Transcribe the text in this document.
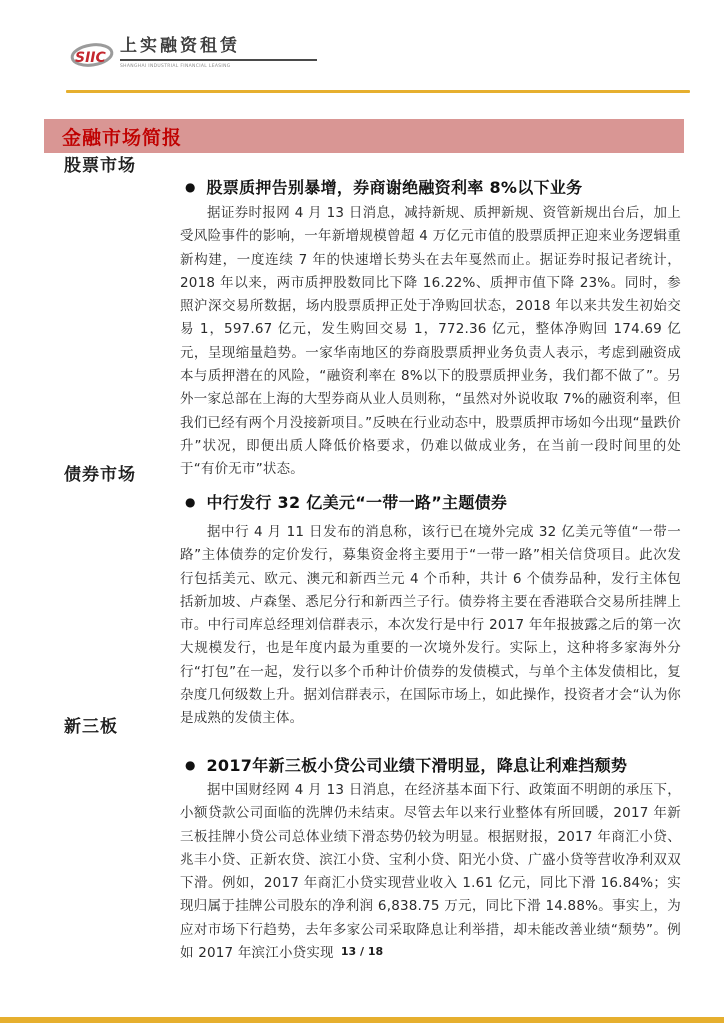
SIIC
上实融资租赁
SHANGHAI INDUSTRIAL FINANCIAL LEASING
金融市场简报
股票市场
● 股票质押告别暴增，券商谢绝融资利率 8%以下业务
据证券时报网 4 月 13 日消息，减持新规、质押新规、资管新规出台后，加上受风险事件的影响，一年新增规模曾超 4 万亿元市值的股票质押正迎来业务逻辑重新构建，一度连续 7 年的快速增长势头在去年戛然而止。据证券时报记者统计，2018 年以来，两市质押股数同比下降 16.22%、质押市值下降 23%。同时，参照沪深交易所数据，场内股票质押正处于净购回状态，2018 年以来共发生初始交易 1，597.67 亿元，发生购回交易 1，772.36 亿元，整体净购回 174.69 亿元，呈现缩量趋势。一家华南地区的券商股票质押业务负责人表示，考虑到融资成本与质押潜在的风险，“融资利率在 8%以下的股票质押业务，我们都不做了”。另外一家总部在上海的大型券商从业人员则称，“虽然对外说收取 7%的融资利率，但我们已经有两个月没接新项目。”反映在行业动态中，股票质押市场如今出现“量跌价升”状况，即便出质人降低价格要求，仍难以做成业务，在当前一段时间里的处于“有价无市”状态。
债券市场
● 中行发行 32 亿美元“一带一路”主题债券
据中行 4 月 11 日发布的消息称，该行已在境外完成 32 亿美元等值“一带一路”主体债券的定价发行，募集资金将主要用于“一带一路”相关信贷项目。此次发行包括美元、欧元、澳元和新西兰元 4 个币种，共计 6 个债券品种，发行主体包括新加坡、卢森堡、悉尼分行和新西兰子行。债券将主要在香港联合交易所挂牌上市。中行司库总经理刘信群表示，本次发行是中行 2017 年年报披露之后的第一次大规模发行，也是年度内最为重要的一次境外发行。实际上，这种将多家海外分行“打包”在一起，发行以多个币种计价债券的发债模式，与单个主体发债相比，复杂度几何级数上升。据刘信群表示，在国际市场上，如此操作，投资者才会“认为你是成熟的发债主体。
新三板
● 2017年新三板小贷公司业绩下滑明显，降息让利难挡颓势
据中国财经网 4 月 13 日消息，在经济基本面下行、政策面不明朗的承压下，小额贷款公司面临的洗牌仍未结束。尽管去年以来行业整体有所回暖，2017 年新三板挂牌小贷公司总体业绩下滑态势仍较为明显。根据财报，2017 年商汇小贷、兆丰小贷、正新农贷、滨江小贷、宝利小贷、阳光小贷、广盛小贷等营收净利双双下滑。例如，2017 年商汇小贷实现营业收入 1.61 亿元，同比下滑 16.84%；实现归属于挂牌公司股东的净利润 6,838.75 万元，同比下滑 14.88%。事实上，为应对市场下行趋势，去年多家公司采取降息让利举措，却未能改善业绩“颓势”。例如 2017 年滨江小贷实现 13 / 18
